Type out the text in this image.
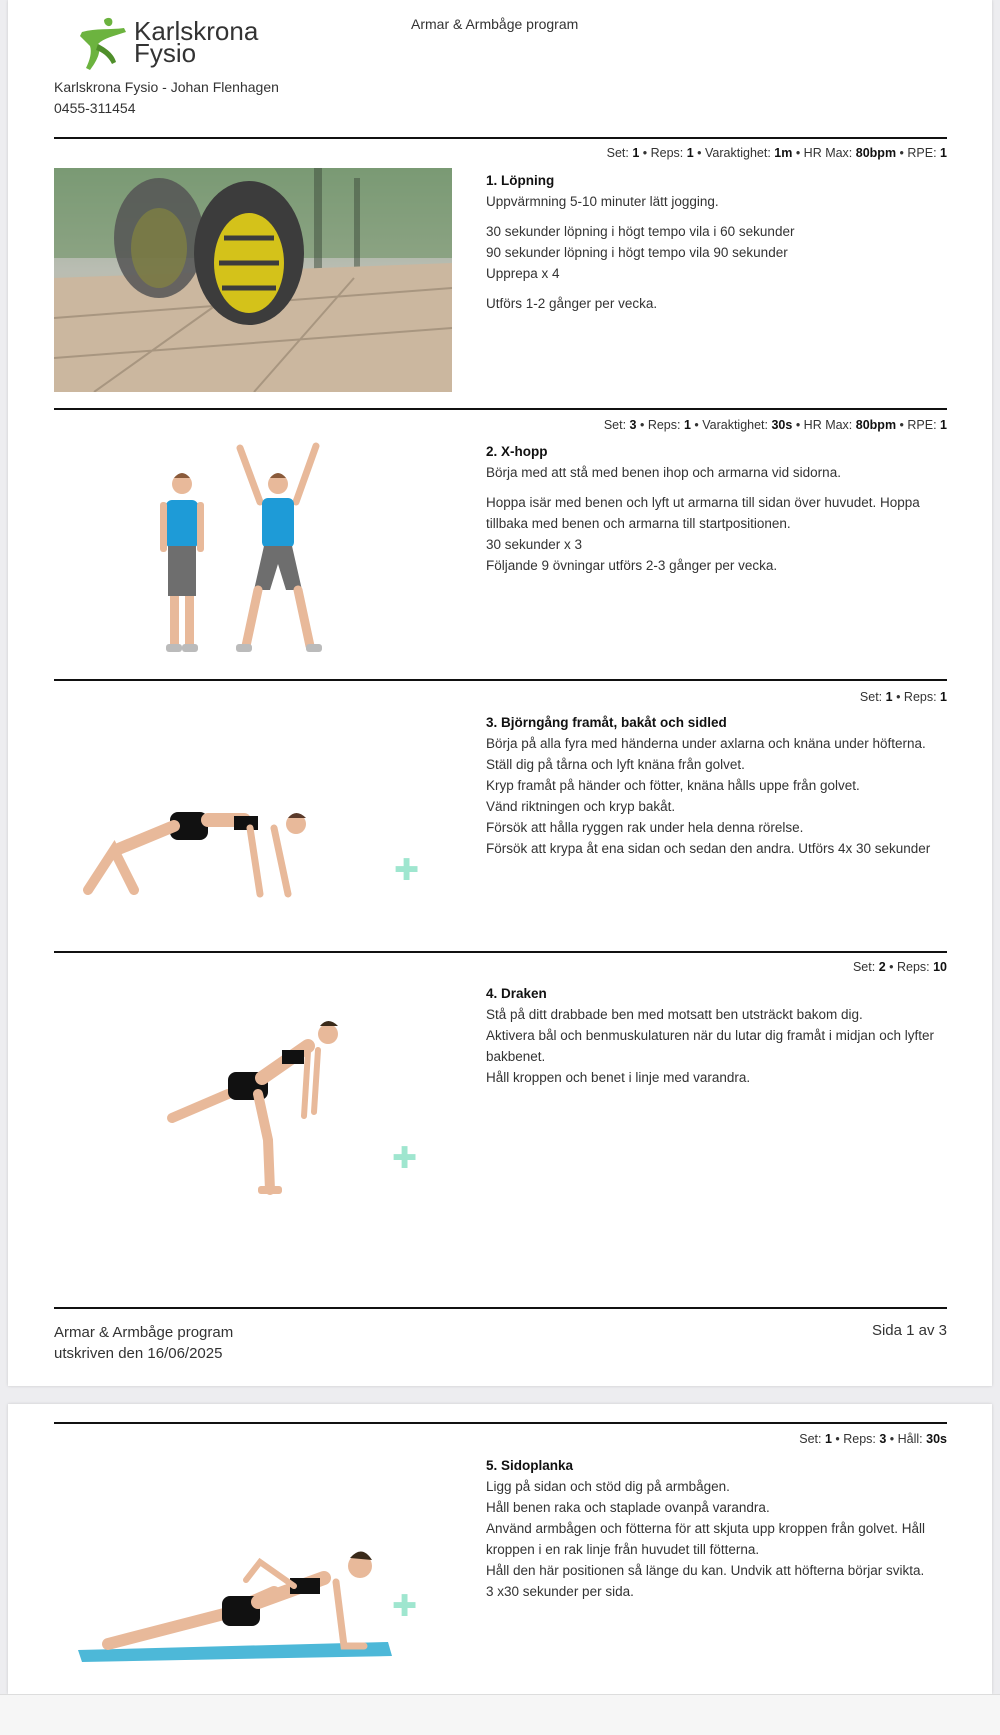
Karlskrona
Fysio
Armar & Armbåge program
Karlskrona Fysio - Johan Flenhagen
0455-311454
Set: 1 • Reps: 1 • Varaktighet: 1m • HR Max: 80bpm • RPE: 1

1. Löpning

Uppvärmning 5-10 minuter lätt jogging.

30 sekunder löpning i högt tempo vila i 60 sekunder

90 sekunder löpning i högt tempo vila 90 sekunder

Upprepa x 4

Utförs 1-2 gånger per vecka.

Set: 3 • Reps: 1 • Varaktighet: 30s • HR Max: 80bpm • RPE: 1

2. X-hopp

Börja med att stå med benen ihop och armarna vid sidorna.

Hoppa isär med benen och lyft ut armarna till sidan över huvudet. Hoppa tillbaka med benen och armarna till startpositionen.

30 sekunder x 3

Följande 9 övningar utförs 2-3 gånger per vecka.

Set: 1 • Reps: 1
✚

3. Björngång framåt, bakåt och sidled

Börja på alla fyra med händerna under axlarna och knäna under höfterna.

Ställ dig på tårna och lyft knäna från golvet.

Kryp framåt på händer och fötter, knäna hålls uppe från golvet.

Vänd riktningen och kryp bakåt.

Försök att hålla ryggen rak under hela denna rörelse.

Försök att krypa åt ena sidan och sedan den andra. Utförs 4x 30 sekunder

Set: 2 • Reps: 10
✚

4. Draken

Stå på ditt drabbade ben med motsatt ben utsträckt bakom dig.

Aktivera bål och benmuskulaturen när du lutar dig framåt i midjan och lyfter bakbenet.

Håll kroppen och benet i linje med varandra.

Armar & Armbåge program
utskriven den 16/06/2025
Sida 1 av 3
Set: 1 • Reps: 3 • Håll: 30s
✚

5. Sidoplanka

Ligg på sidan och stöd dig på armbågen.

Håll benen raka och staplade ovanpå varandra.

Använd armbågen och fötterna för att skjuta upp kroppen från golvet. Håll kroppen i en rak linje från huvudet till fötterna.

Håll den här positionen så länge du kan. Undvik att höfterna börjar svikta.

3 x30 sekunder per sida.
